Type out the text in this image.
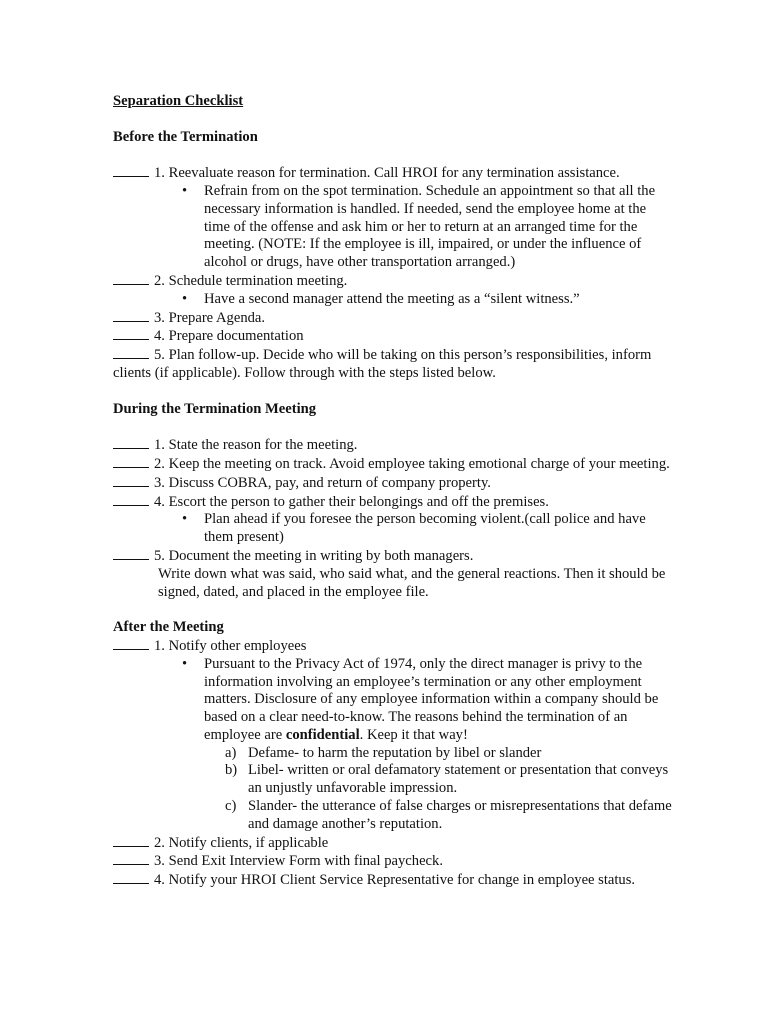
Separation Checklist

Before the Termination

1. Reevaluate reason for termination. Call HROI for any termination assistance.

• Refrain from on the spot termination. Schedule an appointment so that all the necessary information is handled. If needed, send the employee home at the time of the offense and ask him or her to return at an arranged time for the meeting. (NOTE: If the employee is ill, impaired, or under the influence of alcohol or drugs, have other transportation arranged.)

2. Schedule termination meeting.

• Have a second manager attend the meeting as a “silent witness.”

3. Prepare Agenda.

4. Prepare documentation

5. Plan follow-up. Decide who will be taking on this person’s responsibilities, inform clients (if applicable). Follow through with the steps listed below.

During the Termination Meeting

1. State the reason for the meeting.

2. Keep the meeting on track. Avoid employee taking emotional charge of your meeting.

3. Discuss COBRA, pay, and return of company property.

4. Escort the person to gather their belongings and off the premises.

• Plan ahead if you foresee the person becoming violent.(call police and have them present)

5. Document the meeting in writing by both managers.

Write down what was said, who said what, and the general reactions. Then it should be signed, dated, and placed in the employee file.

After the Meeting

1. Notify other employees

• Pursuant to the Privacy Act of 1974, only the direct manager is privy to the information involving an employee’s termination or any other employment matters. Disclosure of any employee information within a company should be based on a clear need-to-know. The reasons behind the termination of an employee are confidential. Keep it that way!

a) Defame- to harm the reputation by libel or slander

b) Libel- written or oral defamatory statement or presentation that conveys an unjustly unfavorable impression.

c) Slander- the utterance of false charges or misrepresentations that defame and damage another’s reputation.

2. Notify clients, if applicable

3. Send Exit Interview Form with final paycheck.

4. Notify your HROI Client Service Representative for change in employee status.
